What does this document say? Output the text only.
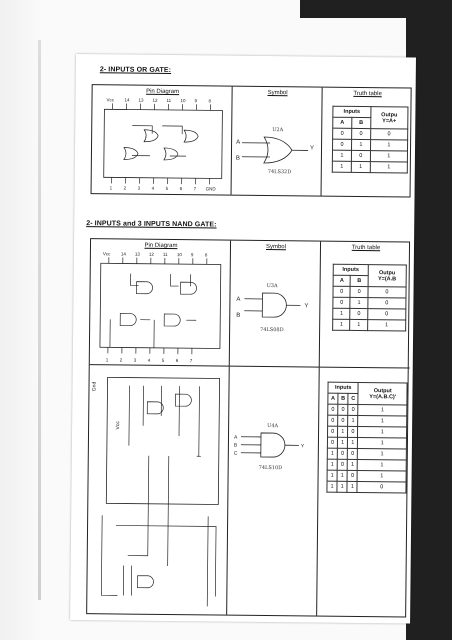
2- INPUTS OR GATE:
Pin Diagram
Vcc 14 13 12 11 10 9	8
1	2	3	4	5	6	7 GND
Symbol
A
B
Y
U2A
74LS32D
Truth table
Inputs		Outpu
Y=A+
A	B	
0	0	0
0	1	1
1	0	1
1	1	1
2- INPUTS and 3 INPUTS NAND GATE:
Pin Diagram
Vcc 14 13 12 11 10 9	8
1	2	3	4	5	6	7
Symbol
A
B
Y
U3A
74LS08D
Truth table
Inputs		Outpu
Y=(A.B
A	B	
0	0	0
0	1	0
1	0	0
1	1	1
Gnd
Vcc
A
B
C
Y
U4A
74LS10D
Inputs			Output
Y=(A.B.C)'
A	B	C	
0	0	0	1
0	0	1	1
0	1	0	1
0	1	1	1
1	0	0	1
1	0	1	1
1	1	0	1
1	1	1	0
